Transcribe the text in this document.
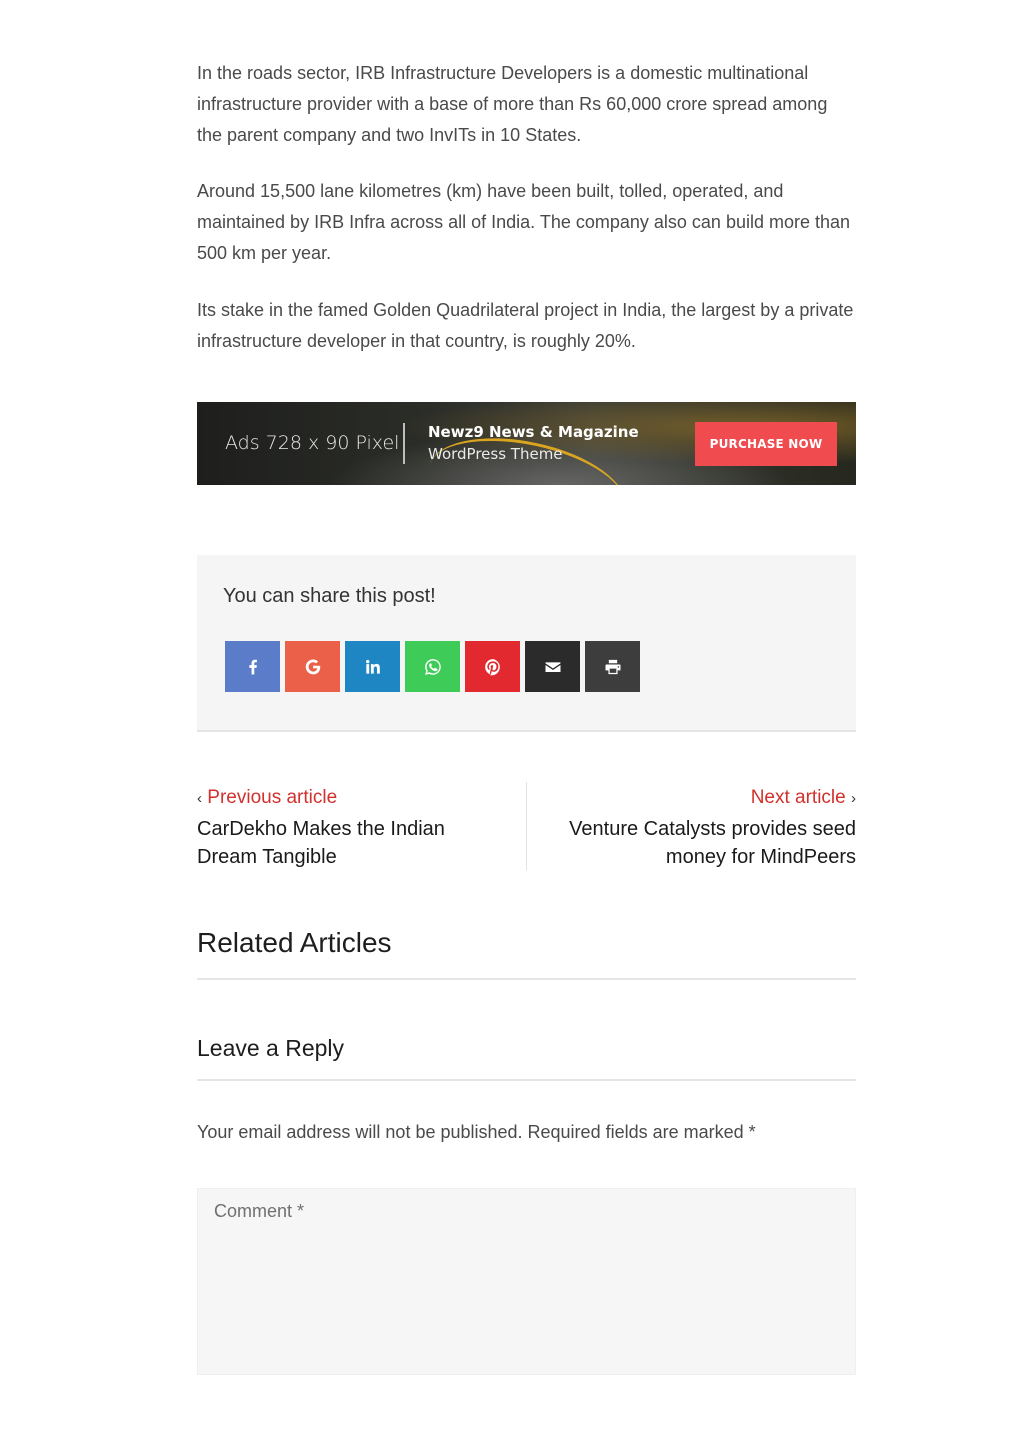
In the roads sector, IRB Infrastructure Developers is a domestic multinational infrastructure provider with a base of more than Rs 60,000 crore spread among the parent company and two InvITs in 10 States.

Around 15,500 lane kilometres (km) have been built, tolled, operated, and maintained by IRB Infra across all of India. The company also can build more than 500 km per year.

Its stake in the famed Golden Quadrilateral project in India, the largest by a private infrastructure developer in that country, is roughly 20%.

Ads 728 x 90 Pixel Newz9 News & Magazine
WordPress Theme
PURCHASE NOW
You can share this post!
‹ Previous article
CarDekho Makes the Indian Dream Tangible
Next article ›
Venture Catalysts provides seed money for MindPeers
Related Articles
Leave a Reply

Your email address will not be published. Required fields are marked *

Comment *
